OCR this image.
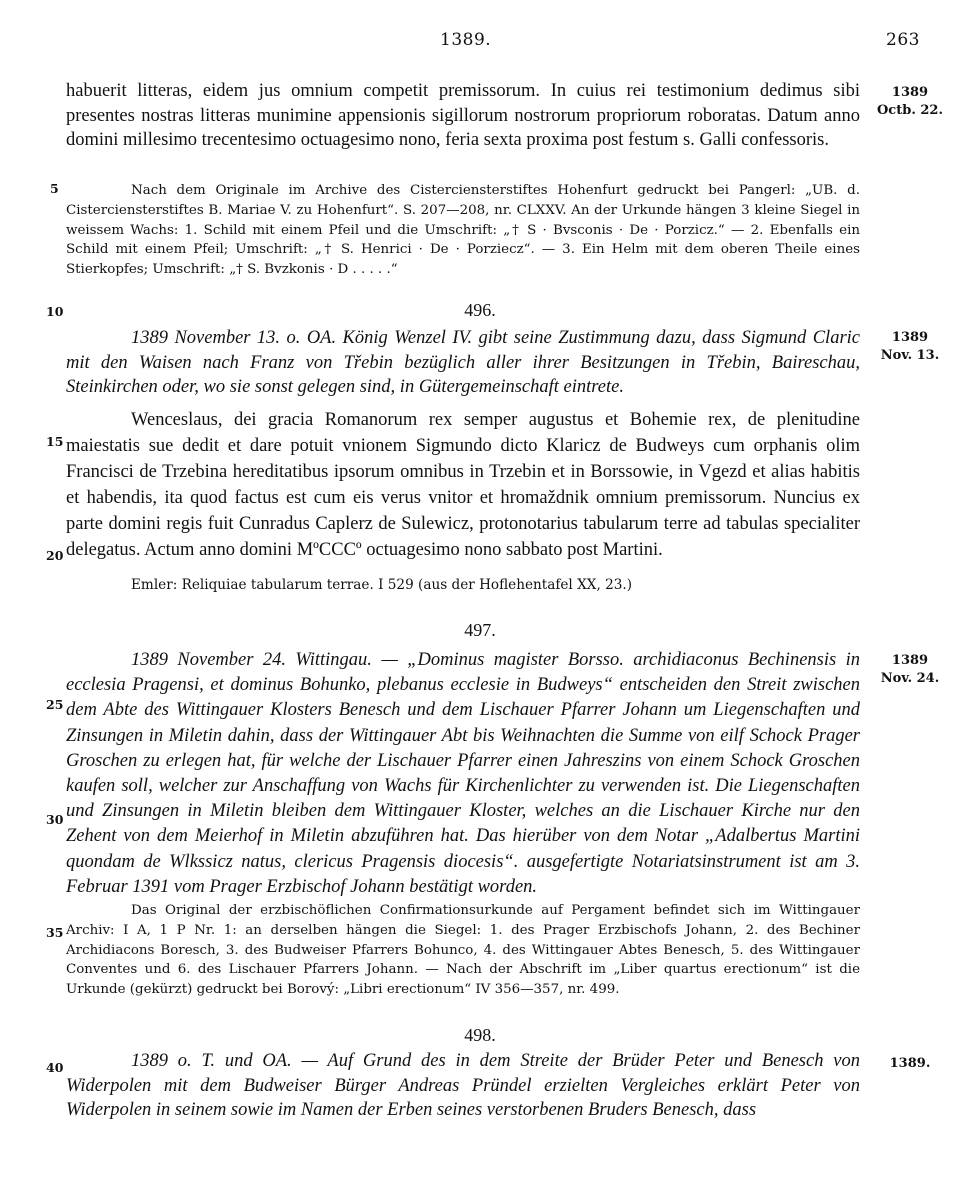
1389.	263
5
10
15
20
25
30
35
40
habuerit litteras, eidem jus omnium competit premissorum. In cuius rei testimonium dedimus sibi presentes nostras litteras munimine appensionis sigillorum nostrorum propriorum roboratas. Datum anno domini millesimo trecentesimo octuagesimo nono, feria sexta proxima post festum s. Galli confessoris.
1389
Octb. 22.
Nach dem Originale im Archive des Cisterciensterstiftes Hohenfurt gedruckt bei Pangerl: „UB. d. Cisterciensterstiftes B. Mariae V. zu Hohenfurt“. S. 207—208, nr. CLXXV. An der Urkunde hängen 3 kleine Siegel in weissem Wachs: 1. Schild mit einem Pfeil und die Umschrift: „† S · Bvsconis · De · Porzicz.“ — 2. Ebenfalls ein Schild mit einem Pfeil; Umschrift: „† S. Henrici · De · Porziecz“. — 3. Ein Helm mit dem oberen Theile eines Stierkopfes; Umschrift: „† S. Bvzkonis · D . . . . .“
496.
1389 November 13. o. OA. König Wenzel IV. gibt seine Zustimmung dazu, dass Sigmund Claric mit den Waisen nach Franz von Třebin bezüglich aller ihrer Besitzungen in Třebin, Baireschau, Steinkirchen oder, wo sie sonst gelegen sind, in Gütergemeinschaft eintrete.
1389
Nov. 13.
Wenceslaus, dei gracia Romanorum rex semper augustus et Bohemie rex, de plenitudine maiestatis sue dedit et dare potuit vnionem Sigmundo dicto Klaricz de Budweys cum orphanis olim Francisci de Trzebina hereditatibus ipsorum omnibus in Trzebin et in Borssowie, in Vgezd et alias habitis et habendis, ita quod factus est cum eis verus vnitor et hromaždnik omnium premissorum. Nuncius ex parte domini regis fuit Cunradus Caplerz de Sulewicz, protonotarius tabularum terre ad tabulas specialiter delegatus. Actum anno domini MºCCCº octuagesimo nono sabbato post Martini.
Emler: Reliquiae tabularum terrae. I 529 (aus der Hoflehentafel XX, 23.)
497.
1389 November 24. Wittingau. — „Dominus magister Borsso. archidiaconus Bechinensis in ecclesia Pragensi, et dominus Bohunko, plebanus ecclesie in Budweys“ entscheiden den Streit zwischen dem Abte des Wittingauer Klosters Benesch und dem Lischauer Pfarrer Johann um Liegenschaften und Zinsungen in Miletin dahin, dass der Wittingauer Abt bis Weihnachten die Summe von eilf Schock Prager Groschen zu erlegen hat, für welche der Lischauer Pfarrer einen Jahreszins von einem Schock Groschen kaufen soll, welcher zur Anschaffung von Wachs für Kirchenlichter zu verwenden ist. Die Liegenschaften und Zinsungen in Miletin bleiben dem Wittingauer Kloster, welches an die Lischauer Kirche nur den Zehent von dem Meierhof in Miletin abzuführen hat. Das hierüber von dem Notar „Adalbertus Martini quondam de Wlkssicz natus, clericus Pragensis diocesis“. ausgefertigte Notariatsinstrument ist am 3. Februar 1391 vom Prager Erzbischof Johann bestätigt worden.
1389
Nov. 24.
Das Original der erzbischöflichen Confirmationsurkunde auf Pergament befindet sich im Wittingauer Archiv: I A, 1 P Nr. 1: an derselben hängen die Siegel: 1. des Prager Erzbischofs Johann, 2. des Bechiner Archidiacons Boresch, 3. des Budweiser Pfarrers Bohunco, 4. des Wittingauer Abtes Benesch, 5. des Wittingauer Conventes und 6. des Lischauer Pfarrers Johann. — Nach der Abschrift im „Liber quartus erectionum“ ist die Urkunde (gekürzt) gedruckt bei Borový: „Libri erectionum“ IV 356—357, nr. 499.
498.
1389 o. T. und OA. — Auf Grund des in dem Streite der Brüder Peter und Benesch von Widerpolen mit dem Budweiser Bürger Andreas Pründel erzielten Vergleiches erklärt Peter von Widerpolen in seinem sowie im Namen der Erben seines verstorbenen Bruders Benesch, dass
1389.
